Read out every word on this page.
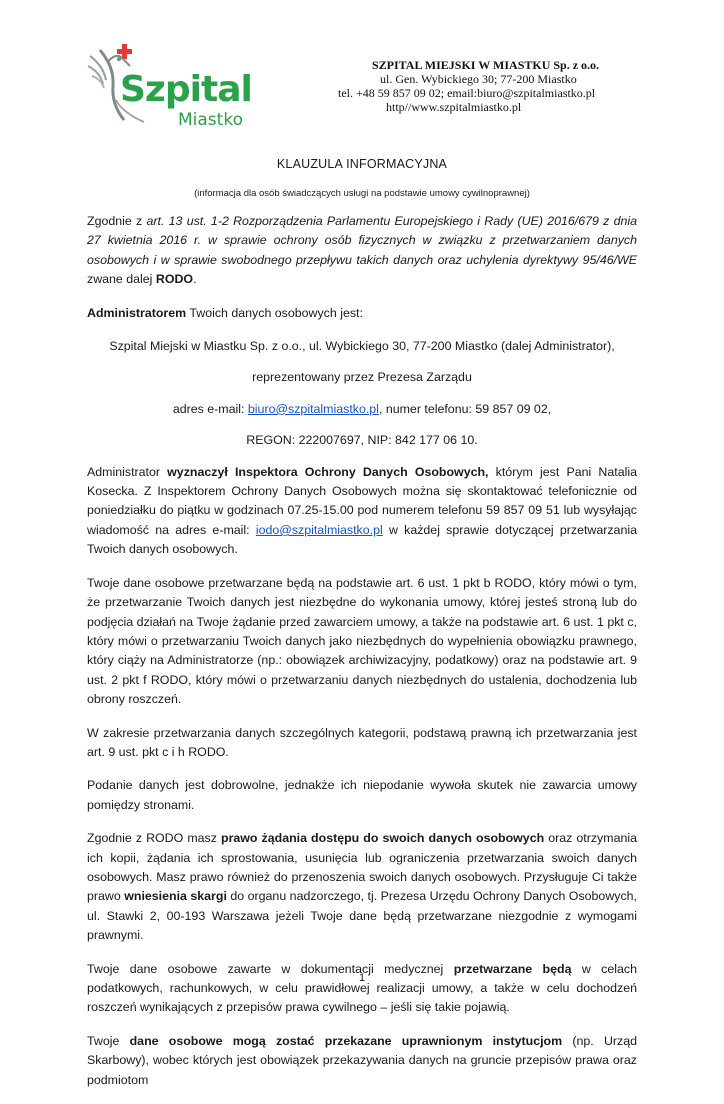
Szpital
Miastko
SZPITAL MIEJSKI W MIASTKU Sp. z o.o.
ul. Gen. Wybickiego 30; 77-200 Miastko
tel. +48 59 857 09 02; email:biuro@szpitalmiastko.pl
http//www.szpitalmiastko.pl
KLAUZULA INFORMACYJNA
(informacja dla osób świadczących usługi na podstawie umowy cywilnoprawnej)

Zgodnie z art. 13 ust. 1-2 Rozporządzenia Parlamentu Europejskiego i Rady (UE) 2016/679 z dnia 27 kwietnia 2016 r. w sprawie ochrony osób fizycznych w związku z przetwarzaniem danych osobowych i w sprawie swobodnego przepływu takich danych oraz uchylenia dyrektywy 95/46/WE zwane dalej RODO.

Administratorem Twoich danych osobowych jest:

Szpital Miejski w Miastku Sp. z o.o., ul. Wybickiego 30, 77-200 Miastko (dalej Administrator),

reprezentowany przez Prezesa Zarządu

adres e-mail: biuro@szpitalmiastko.pl, numer telefonu: 59 857 09 02,

REGON: 222007697, NIP: 842 177 06 10.

Administrator wyznaczył Inspektora Ochrony Danych Osobowych, którym jest Pani Natalia Kosecka. Z Inspektorem Ochrony Danych Osobowych można się skontaktować telefonicznie od poniedziałku do piątku w godzinach 07.25-15.00 pod numerem telefonu 59 857 09 51 lub wysyłając wiadomość na adres e-mail: iodo@szpitalmiastko.pl w każdej sprawie dotyczącej przetwarzania Twoich danych osobowych.

Twoje dane osobowe przetwarzane będą na podstawie art. 6 ust. 1 pkt b RODO, który mówi o tym, że przetwarzanie Twoich danych jest niezbędne do wykonania umowy, której jesteś stroną lub do podjęcia działań na Twoje żądanie przed zawarciem umowy, a także na podstawie art. 6 ust. 1 pkt c, który mówi o przetwarzaniu Twoich danych jako niezbędnych do wypełnienia obowiązku prawnego, który ciąży na Administratorze (np.: obowiązek archiwizacyjny, podatkowy) oraz na podstawie art. 9 ust. 2 pkt f RODO, który mówi o przetwarzaniu danych niezbędnych do ustalenia, dochodzenia lub obrony roszczeń.

W zakresie przetwarzania danych szczególnych kategorii, podstawą prawną ich przetwarzania jest art. 9 ust. pkt c i h RODO.

Podanie danych jest dobrowolne, jednakże ich niepodanie wywoła skutek nie zawarcia umowy pomiędzy stronami.

Zgodnie z RODO masz prawo żądania dostępu do swoich danych osobowych oraz otrzymania ich kopii, żądania ich sprostowania, usunięcia lub ograniczenia przetwarzania swoich danych osobowych. Masz prawo również do przenoszenia swoich danych osobowych. Przysługuje Ci także prawo wniesienia skargi do organu nadzorczego, tj. Prezesa Urzędu Ochrony Danych Osobowych, ul. Stawki 2, 00-193 Warszawa jeżeli Twoje dane będą przetwarzane niezgodnie z wymogami prawnymi.

Twoje dane osobowe zawarte w dokumentacji medycznej przetwarzane będą w celach podatkowych, rachunkowych, w celu prawidłowej realizacji umowy, a także w celu dochodzeń roszczeń wynikających z przepisów prawa cywilnego – jeśli się takie pojawią.

Twoje dane osobowe mogą zostać przekazane uprawnionym instytucjom (np. Urząd Skarbowy), wobec których jest obowiązek przekazywania danych na gruncie przepisów prawa oraz podmiotom

1
